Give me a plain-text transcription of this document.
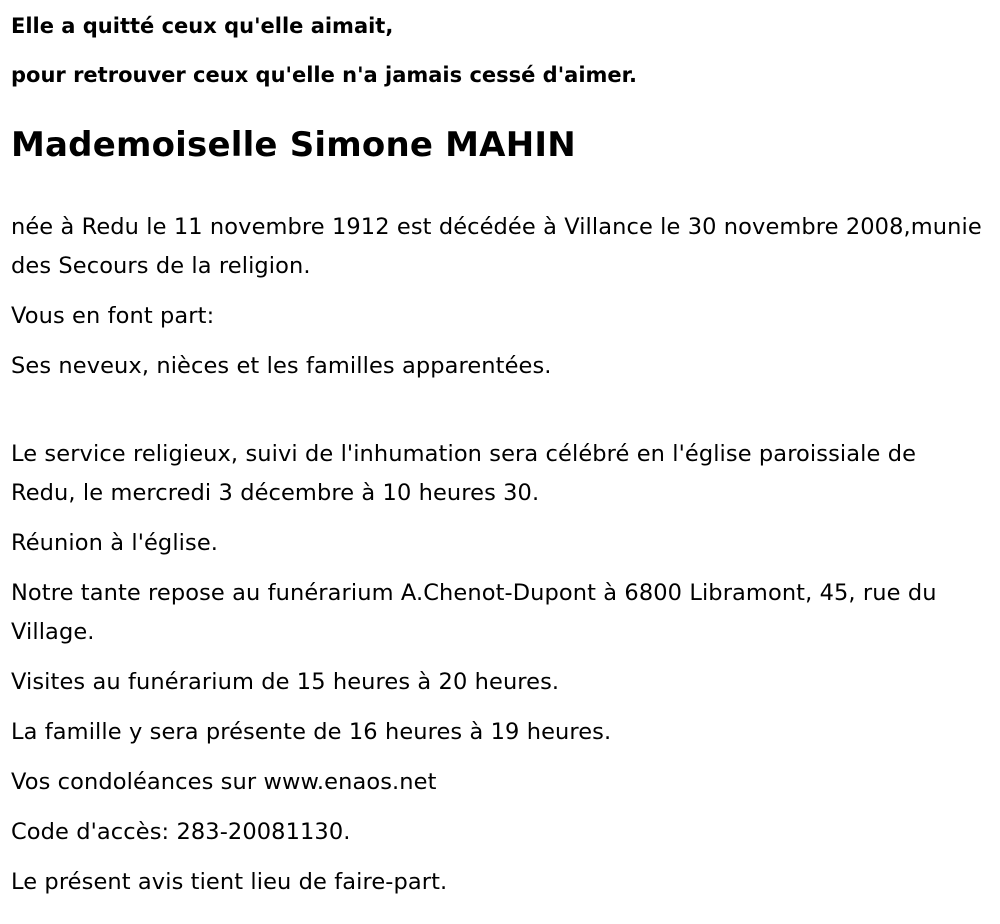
Elle a quitté ceux qu'elle aimait,

pour retrouver ceux qu'elle n'a jamais cessé d'aimer.

Mademoiselle Simone MAHIN

née à Redu le 11 novembre 1912 est décédée à Villance le 30 novembre 2008,munie des Secours de la religion.

Vous en font part:

Ses neveux, nièces et les familles apparentées.

Le service religieux, suivi de l'inhumation sera célébré en l'église paroissiale de Redu, le mercredi 3 décembre à 10 heures 30.

Réunion à l'église.

Notre tante repose au funérarium A.Chenot-Dupont à 6800 Libramont, 45, rue du Village.

Visites au funérarium de 15 heures à 20 heures.

La famille y sera présente de 16 heures à 19 heures.

Vos condoléances sur www.enaos.net

Code d'accès: 283-20081130.

Le présent avis tient lieu de faire-part.
